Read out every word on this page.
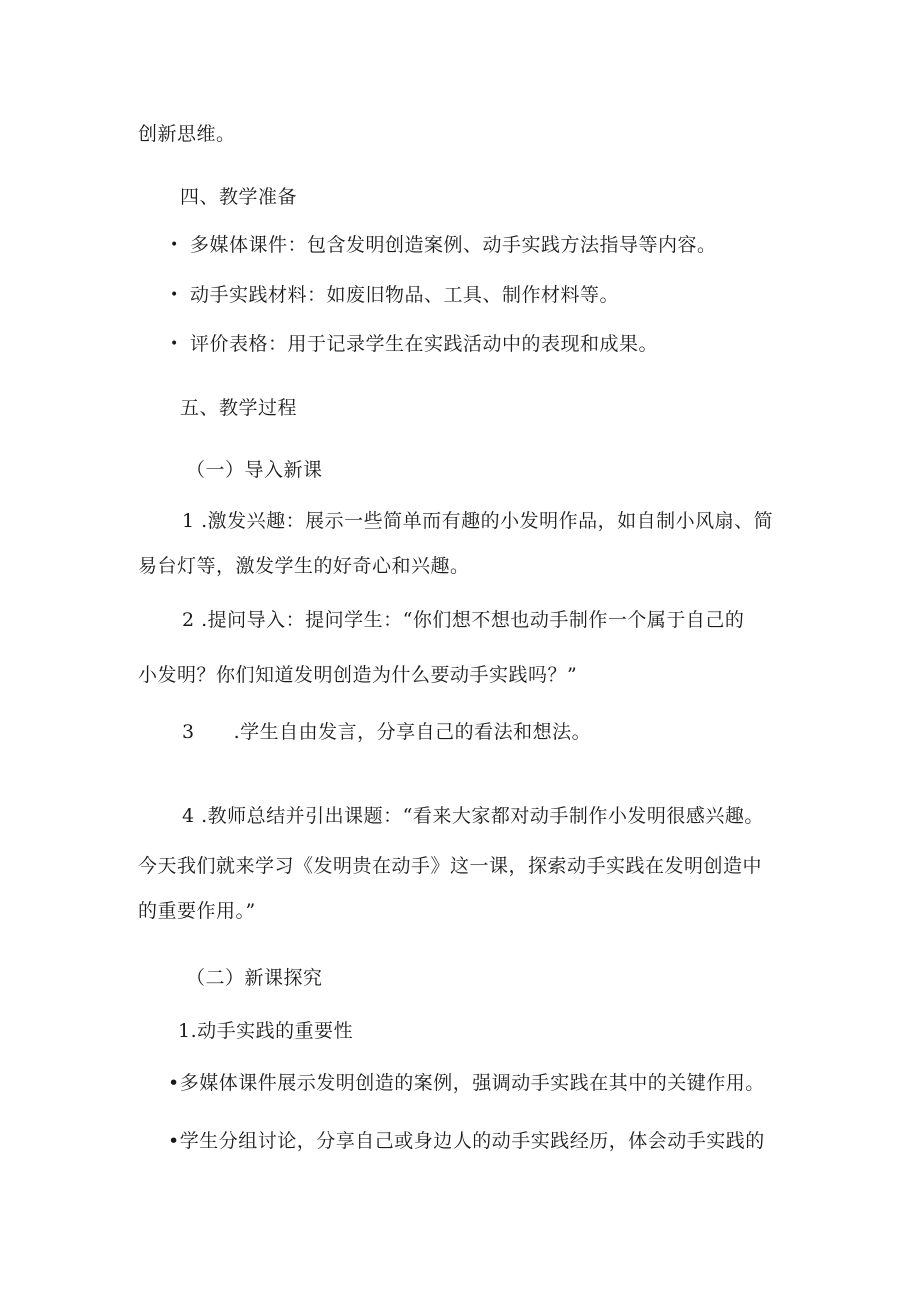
创新思维。
四、教学准备
• 多媒体课件：包含发明创造案例、动手实践方法指导等内容。
• 动手实践材料：如废旧物品、工具、制作材料等。
• 评价表格：用于记录学生在实践活动中的表现和成果。
五、教学过程
（一）导入新课
1 .激发兴趣：展示一些简单而有趣的小发明作品，如自制小风扇、简
易台灯等，激发学生的好奇心和兴趣。
2 .提问导入：提问学生：“你们想不想也动手制作一个属于自己的
小发明？你们知道发明创造为什么要动手实践吗？”
3　　.学生自由发言，分享自己的看法和想法。
4 .教师总结并引出课题：“看来大家都对动手制作小发明很感兴趣。
今天我们就来学习《发明贵在动手》这一课，探索动手实践在发明创造中
的重要作用。”
（二）新课探究
1.动手实践的重要性
•多媒体课件展示发明创造的案例，强调动手实践在其中的关键作用。
•学生分组讨论，分享自己或身边人的动手实践经历，体会动手实践的
